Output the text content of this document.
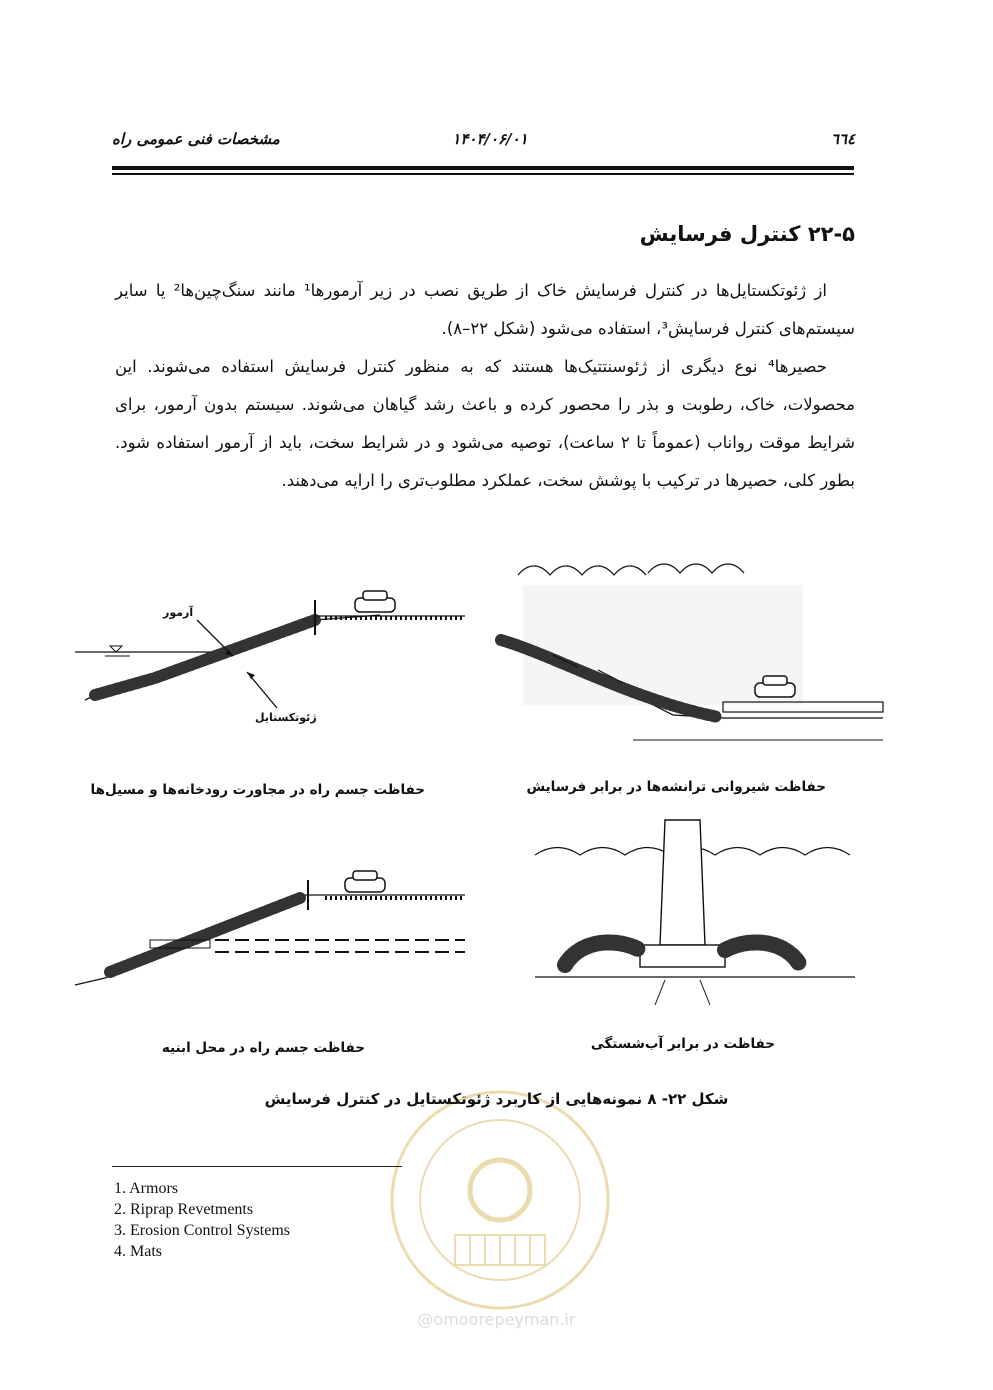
@omoorepeyman.ir
مشخصات فنی عمومی راه	۱۴۰۴/۰۶/۰۱	٦٦٤
۲۲-۵ کنترل فرسایش

از ژئوتکستایل‌ها در کنترل فرسایش خاک از طریق نصب در زیر آرمورها¹ مانند سنگ‌چین‌ها² یا سایر سیستم‌های کنترل فرسایش³، استفاده می‌شود (شکل ۲۲–۸).

حصیرها⁴ نوع دیگری از ژئوسنتتیک‌ها هستند که به منظور کنترل فرسایش استفاده می‌شوند. این محصولات، خاک، رطوبت و بذر را محصور کرده و باعث رشد گیاهان می‌شوند. سیستم بدون آرمور، برای شرایط موقت رواناب (عموماً تا ۲ ساعت)، توصیه می‌شود و در شرایط سخت، باید از آرمور استفاده شود. بطور کلی، حصیرها در ترکیب با پوشش سخت، عملکرد مطلوب‌تری را ارایه می‌دهند.

آرمور
ژئوتکستایل
حفاظت جسم راه در مجاورت رودخانه‌ها و مسیل‌ها	حفاظت شیروانی ترانشه‌ها در برابر فرسایش
حفاظت جسم راه در محل ابنیه	حفاظت در برابر آب‌شستگی
شکل ۲۲- ۸ نمونه‌هایی از کاربرد ژئوتکستایل در کنترل فرسایش
1. Armors
2. Riprap Revetments
3. Erosion Control Systems
4. Mats
